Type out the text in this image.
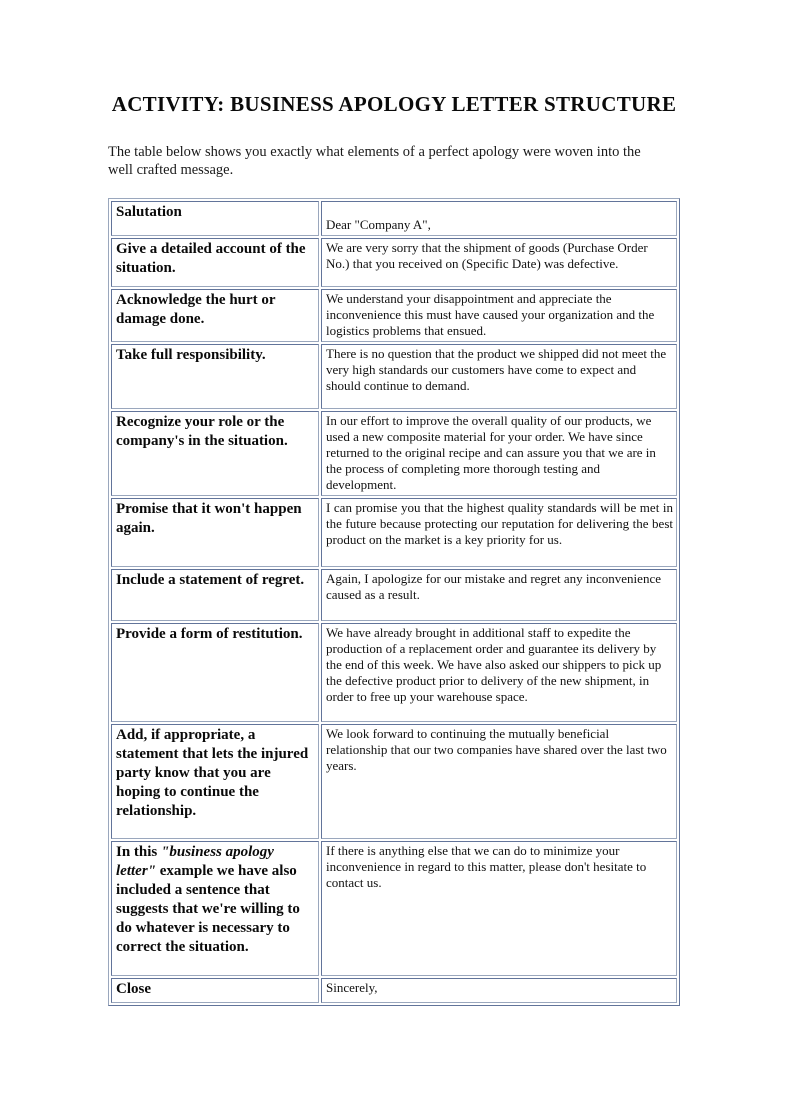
ACTIVITY: BUSINESS APOLOGY LETTER STRUCTURE

The table below shows you exactly what elements of a perfect apology were woven into the well crafted message.

Salutation	Dear "Company A",

Give a detailed account of the situation.	We are very sorry that the shipment of goods (Purchase Order No.) that you received on (Specific Date) was defective.

Acknowledge the hurt or damage done.	We understand your disappointment and appreciate the inconvenience this must have caused your organization and the logistics problems that ensued.

Take full responsibility.	There is no question that the product we shipped did not meet the very high standards our customers have come to expect and should continue to demand.

Recognize your role or the company's in the situation.	In our effort to improve the overall quality of our products, we used a new composite material for your order. We have since returned to the original recipe and can assure you that we are in the process of completing more thorough testing and development.

Promise that it won't happen again.	I can promise you that the highest quality standards will be met in the future because protecting our reputation for delivering the best product on the market is a key priority for us.

Include a statement of regret.	Again, I apologize for our mistake and regret any inconvenience caused as a result.

Provide a form of restitution.	We have already brought in additional staff to expedite the production of a replacement order and guarantee its delivery by the end of this week. We have also asked our shippers to pick up the defective product prior to delivery of the new shipment, in order to free up your warehouse space.

Add, if appropriate, a statement that lets the injured party know that you are hoping to continue the relationship.	We look forward to continuing the mutually beneficial relationship that our two companies have shared over the last two years.

In this "business apology letter" example we have also included a sentence that suggests that we're willing to do whatever is necessary to correct the situation.	If there is anything else that we can do to minimize your inconvenience in regard to this matter, please don't hesitate to contact us.

Close	Sincerely,
